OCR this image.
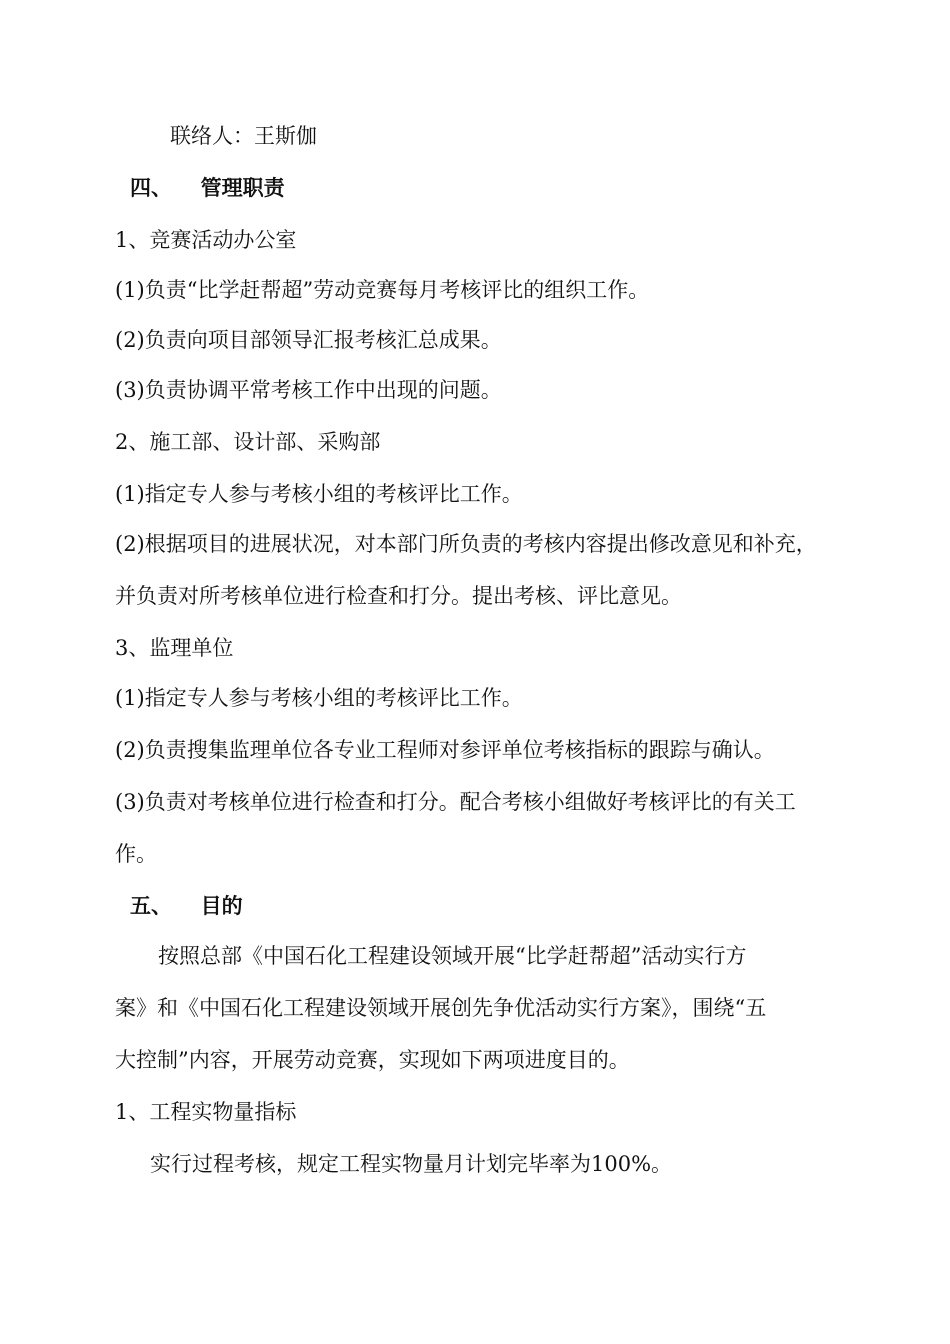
联络人：王斯伽
四、 管理职责
1、竞赛活动办公室
(1)负责“比学赶帮超”劳动竞赛每月考核评比的组织工作。
(2)负责向项目部领导汇报考核汇总成果。
(3)负责协调平常考核工作中出现的问题。
2、施工部、设计部、采购部
(1)指定专人参与考核小组的考核评比工作。
(2)根据项目的进展状况，对本部门所负责的考核内容提出修改意见和补充，
并负责对所考核单位进行检查和打分。提出考核、评比意见。
3、监理单位
(1)指定专人参与考核小组的考核评比工作。
(2)负责搜集监理单位各专业工程师对参评单位考核指标的跟踪与确认。
(3)负责对考核单位进行检查和打分。配合考核小组做好考核评比的有关工
作。
五、 目的
按照总部《中国石化工程建设领域开展“比学赶帮超”活动实行方
案》和《中国石化工程建设领域开展创先争优活动实行方案》，围绕“五
大控制”内容，开展劳动竞赛，实现如下两项进度目的。
1、工程实物量指标
实行过程考核，规定工程实物量月计划完毕率为100%。
